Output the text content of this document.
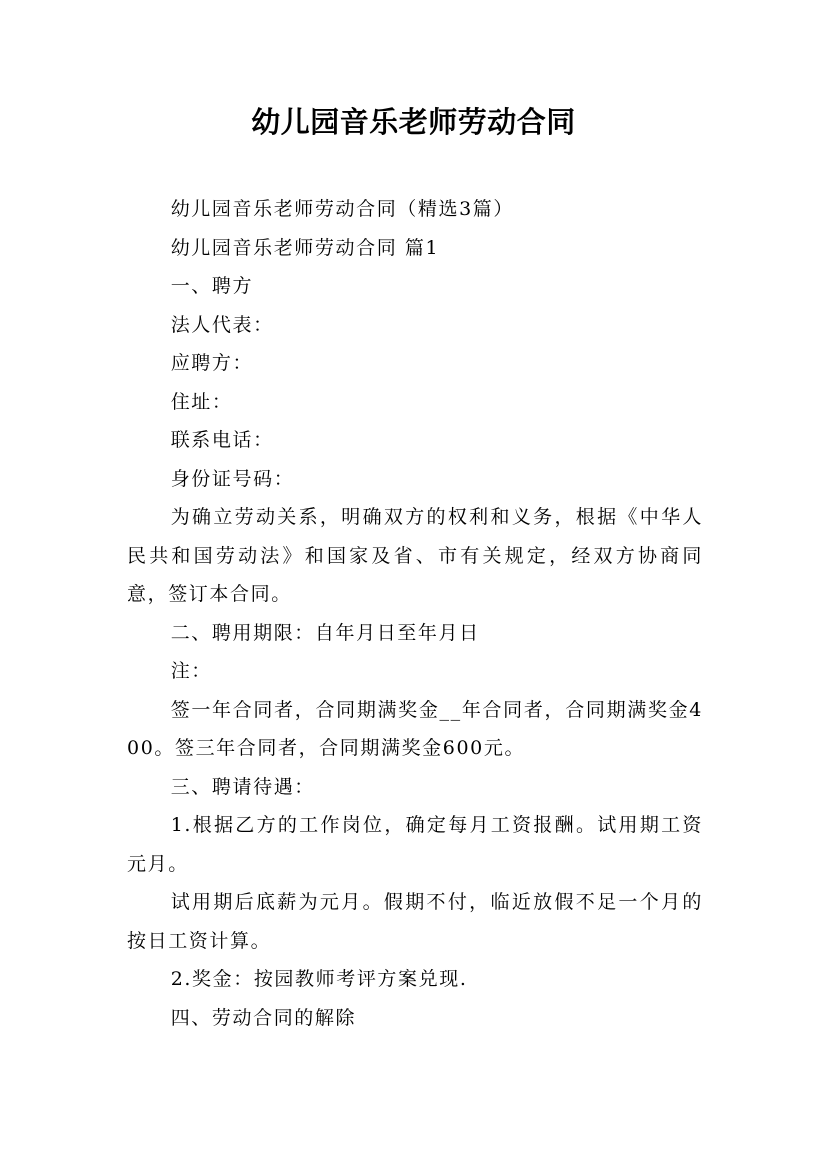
幼儿园音乐老师劳动合同

幼儿园音乐老师劳动合同（精选3篇）

幼儿园音乐老师劳动合同 篇1

一、聘方

法人代表：

应聘方：

住址：

联系电话：

身份证号码：

为确立劳动关系，明确双方的权利和义务，根据《中华人民共和国劳动法》和国家及省、市有关规定，经双方协商同意，签订本合同。

二、聘用期限：自年月日至年月日

注：

签一年合同者，合同期满奖金__年合同者，合同期满奖金400。签三年合同者，合同期满奖金600元。

三、聘请待遇：

1.根据乙方的工作岗位，确定每月工资报酬。试用期工资元月。

试用期后底薪为元月。假期不付，临近放假不足一个月的按日工资计算。

2.奖金：按园教师考评方案兑现.

四、劳动合同的解除
